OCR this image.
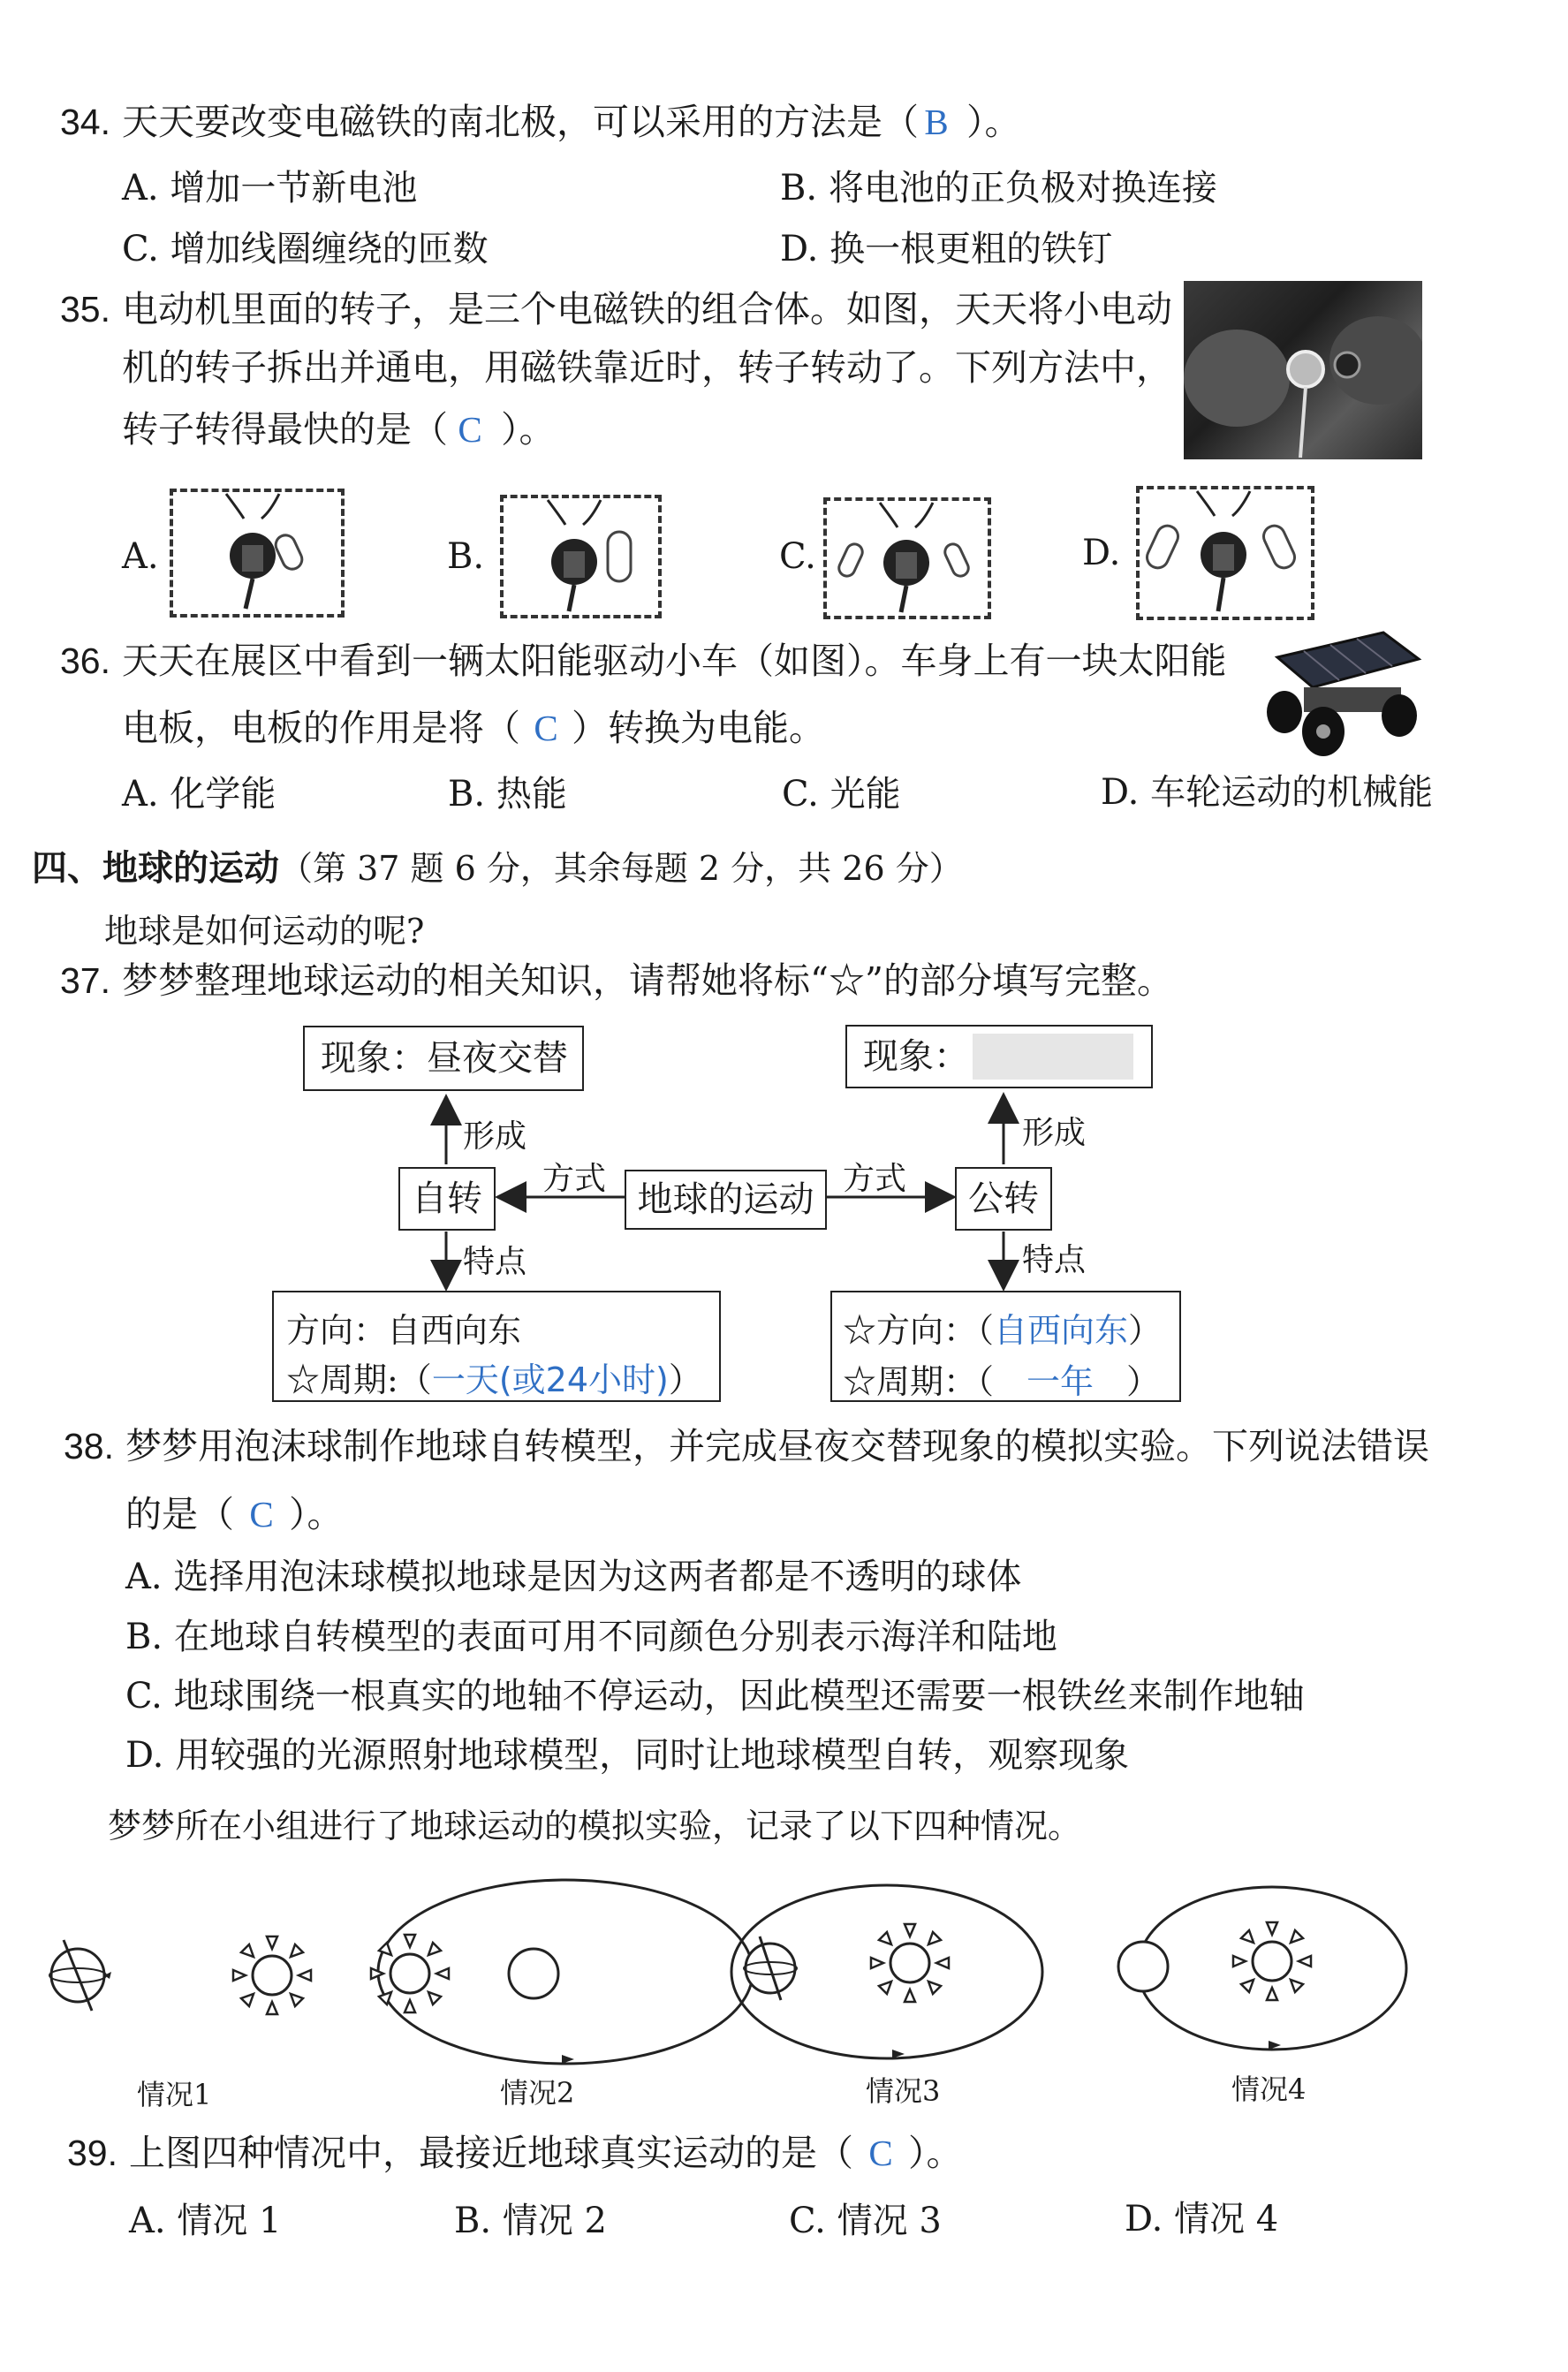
34. 天天要改变电磁铁的南北极，可以采用的方法是（ B ）。
A. 增加一节新电池	B. 将电池的正负极对换连接
C. 增加线圈缠绕的匝数	D. 换一根更粗的铁钉
35. 电动机里面的转子，是三个电磁铁的组合体。如图，天天将小电动
机的转子拆出并通电，用磁铁靠近时，转子转动了。下列方法中，
转子转得最快的是（ C ）。
A.	B.	C.	D.
36. 天天在展区中看到一辆太阳能驱动小车（如图）。车身上有一块太阳能
电板，电板的作用是将（ C ）转换为电能。
A. 化学能	B. 热能	C. 光能	D. 车轮运动的机械能
四、地球的运动（第 37 题 6 分，其余每题 2 分，共 26 分）
地球是如何运动的呢?
37. 梦梦整理地球运动的相关知识，请帮她将标“☆”的部分填写完整。
现象：昼夜交替	现象：
形成	形成
方式	方式
自转	地球的运动	公转
特点	特点
方向：自西向东
☆周期:（一天(或24小时)）
☆方向：（自西向东）
☆周期：（ 一年 ）
38. 梦梦用泡沫球制作地球自转模型，并完成昼夜交替现象的模拟实验。下列说法错误
的是（ C ）。
A. 选择用泡沫球模拟地球是因为这两者都是不透明的球体
B. 在地球自转模型的表面可用不同颜色分别表示海洋和陆地
C. 地球围绕一根真实的地轴不停运动，因此模型还需要一根铁丝来制作地轴
D. 用较强的光源照射地球模型，同时让地球模型自转，观察现象
梦梦所在小组进行了地球运动的模拟实验，记录了以下四种情况。
情况1	情况2	情况3	情况4
39. 上图四种情况中，最接近地球真实运动的是（ C ）。
A. 情况 1	B. 情况 2	C. 情况 3	D. 情况 4
